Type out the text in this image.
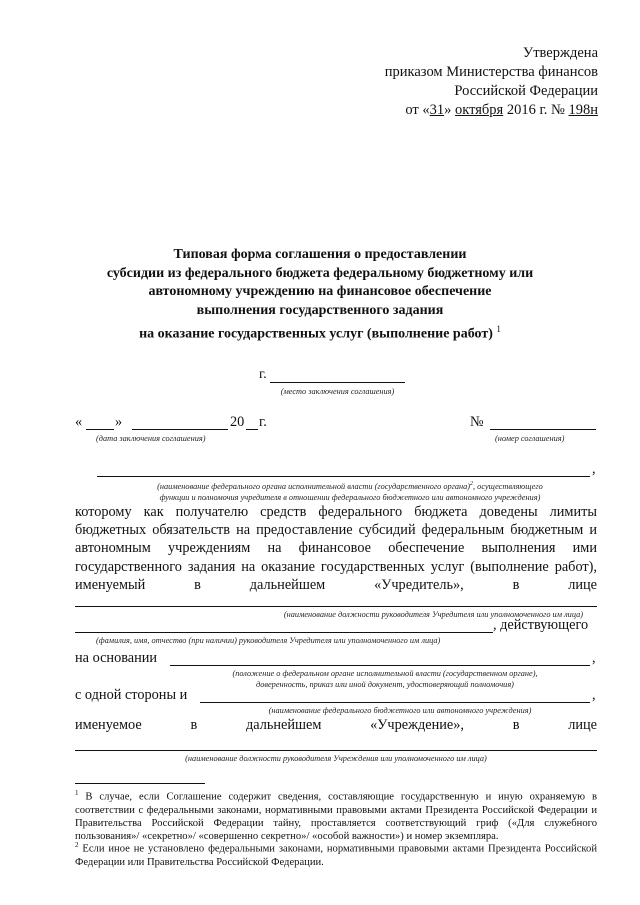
Утверждена
приказом Министерства финансов
Российской Федерации
от «31» октября 2016 г. № 198н
Типовая форма соглашения о предоставлении
субсидии из федерального бюджета федеральному бюджетному или
автономному учреждению на финансовое обеспечение
выполнения государственного задания
на оказание государственных услуг (выполнение работ) $^1$
г.
(место заключения соглашения)
« »	20 г.
(дата заключения соглашения)
№
(номер соглашения)
,
(наименование федерального органа исполнительной власти (государственного органа)$^2$, осуществляющего
функции и полномочия учредителя в отношении федерального бюджетного или автономного учреждения)
которому как получателю средств федерального бюджета доведены лимиты бюджетных обязательств на предоставление субсидий федеральным бюджетным и автономным учреждениям на финансовое обеспечение выполнения ими государственного задания на оказание государственных услуг (выполнение работ), именуемый в дальнейшем «Учредитель», в лице
(наименование должности руководителя Учредителя или уполномоченного им лица)
, действующего
(фамилия, имя, отчество (при наличии) руководителя Учредителя или уполномоченного им лица)
на основании	,
(положение о федеральном органе исполнительной власти (государственном органе),
доверенность, приказ или иной документ, удостоверяющий полномочия)
с одной стороны и	,
(наименование федерального бюджетного или автономного учреждения)
именуемое	в	дальнейшем	«Учреждение»,	в	лице
(наименование должности руководителя Учреждения или уполномоченного им лица)
$^1$ В случае, если Соглашение содержит сведения, составляющие государственную и иную охраняемую в соответствии с федеральными законами, нормативными правовыми актами Президента Российской Федерации и Правительства Российской Федерации тайну, проставляется соответствующий гриф («Для служебного пользования»/ «секретно»/ «совершенно секретно»/ «особой важности») и номер экземпляра.
$^2$ Если иное не установлено федеральными законами, нормативными правовыми актами Президента Российской Федерации или Правительства Российской Федерации.
